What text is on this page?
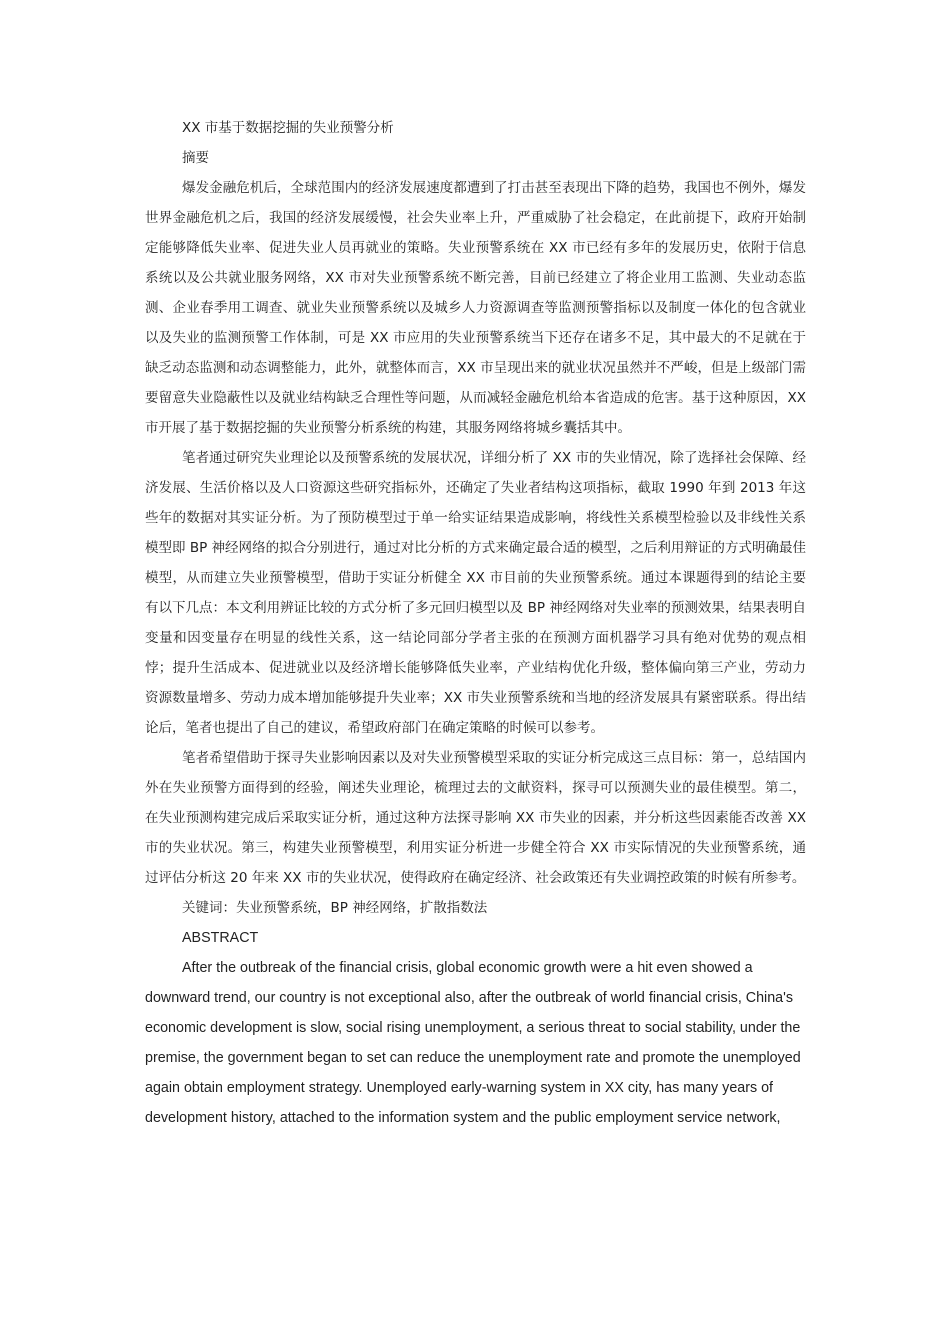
XX 市基于数据挖掘的失业预警分析

摘要

爆发金融危机后，全球范围内的经济发展速度都遭到了打击甚至表现出下降的趋势，我国也不例外，爆发世界金融危机之后，我国的经济发展缓慢，社会失业率上升，严重威胁了社会稳定，在此前提下，政府开始制定能够降低失业率、促进失业人员再就业的策略。失业预警系统在 XX 市已经有多年的发展历史，依附于信息系统以及公共就业服务网络，XX 市对失业预警系统不断完善，目前已经建立了将企业用工监测、失业动态监测、企业春季用工调查、就业失业预警系统以及城乡人力资源调查等监测预警指标以及制度一体化的包含就业以及失业的监测预警工作体制，可是 XX 市应用的失业预警系统当下还存在诸多不足，其中最大的不足就在于缺乏动态监测和动态调整能力，此外，就整体而言，XX 市呈现出来的就业状况虽然并不严峻，但是上级部门需要留意失业隐蔽性以及就业结构缺乏合理性等问题，从而减轻金融危机给本省造成的危害。基于这种原因，XX 市开展了基于数据挖掘的失业预警分析系统的构建，其服务网络将城乡囊括其中。

笔者通过研究失业理论以及预警系统的发展状况，详细分析了 XX 市的失业情况，除了选择社会保障、经济发展、生活价格以及人口资源这些研究指标外，还确定了失业者结构这项指标，截取 1990 年到 2013 年这些年的数据对其实证分析。为了预防模型过于单一给实证结果造成影响，将线性关系模型检验以及非线性关系模型即 BP 神经网络的拟合分别进行，通过对比分析的方式来确定最合适的模型，之后利用辩证的方式明确最佳模型，从而建立失业预警模型，借助于实证分析健全 XX 市目前的失业预警系统。通过本课题得到的结论主要有以下几点：本文利用辨证比较的方式分析了多元回归模型以及 BP 神经网络对失业率的预测效果，结果表明自变量和因变量存在明显的线性关系，这一结论同部分学者主张的在预测方面机器学习具有绝对优势的观点相悖；提升生活成本、促进就业以及经济增长能够降低失业率，产业结构优化升级，整体偏向第三产业，劳动力资源数量增多、劳动力成本增加能够提升失业率；XX 市失业预警系统和当地的经济发展具有紧密联系。得出结论后，笔者也提出了自己的建议，希望政府部门在确定策略的时候可以参考。

笔者希望借助于探寻失业影响因素以及对失业预警模型采取的实证分析完成这三点目标：第一，总结国内外在失业预警方面得到的经验，阐述失业理论，梳理过去的文献资料，探寻可以预测失业的最佳模型。第二，在失业预测构建完成后采取实证分析，通过这种方法探寻影响 XX 市失业的因素，并分析这些因素能否改善 XX 市的失业状况。第三，构建失业预警模型，利用实证分析进一步健全符合 XX 市实际情况的失业预警系统，通过评估分析这 20 年来 XX 市的失业状况，使得政府在确定经济、社会政策还有失业调控政策的时候有所参考。

关键词：失业预警系统，BP 神经网络，扩散指数法

ABSTRACT

After the outbreak of the financial crisis, global economic growth were a hit even showed a downward trend, our country is not exceptional also, after the outbreak of world financial crisis, China's economic development is slow, social rising unemployment, a serious threat to social stability, under the premise, the government began to set can reduce the unemployment rate and promote the unemployed again obtain employment strategy. Unemployed early-warning system in XX city, has many years of development history, attached to the information system and the public employment service network,
